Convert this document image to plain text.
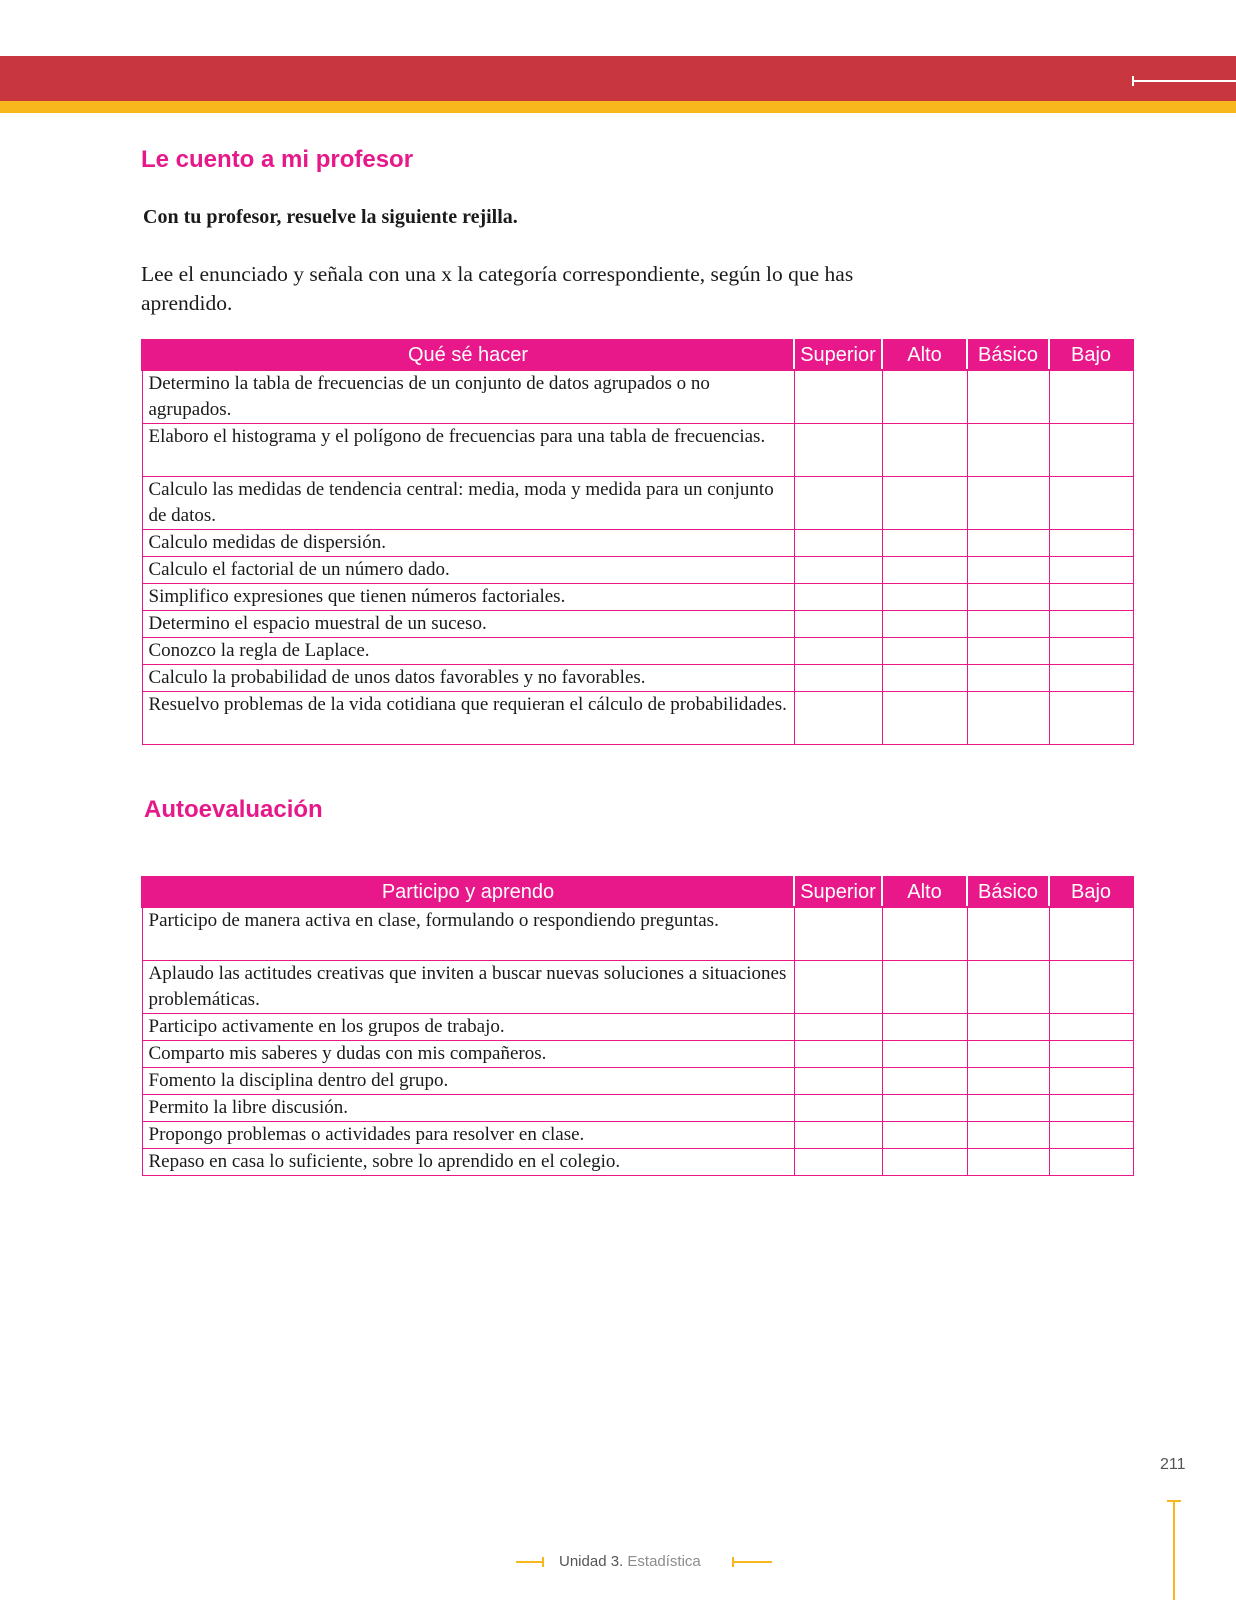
Le cuento a mi profesor

Con tu profesor, resuelve la siguiente rejilla.

Lee el enunciado y señala con una x la categoría correspondiente, según lo que has aprendido.

Qué sé hacer	Superior	Alto	Básico	Bajo
Determino la tabla de frecuencias de un conjunto de datos agrupados o no agrupados.				
Elaboro el histograma y el polígono de frecuencias para una tabla de frecuencias.				
Calculo las medidas de tendencia central: media, moda y medida para un conjunto de datos.				
Calculo medidas de dispersión.				
Calculo el factorial de un número dado.				
Simplifico expresiones que tienen números factoriales.				
Determino el espacio muestral de un suceso.				
Conozco la regla de Laplace.				
Calculo la probabilidad de unos datos favorables y no favorables.				
Resuelvo problemas de la vida cotidiana que requieran el cálculo de probabilidades.				
Autoevaluación
Participo y aprendo	Superior	Alto	Básico	Bajo
Participo de manera activa en clase, formulando o respondiendo preguntas.				
Aplaudo las actitudes creativas que inviten a buscar nuevas soluciones a situaciones problemáticas.				
Participo activamente en los grupos de trabajo.				
Comparto mis saberes y dudas con mis compañeros.				
Fomento la disciplina dentro del grupo.				
Permito la libre discusión.				
Propongo problemas o actividades para resolver en clase.				
Repaso en casa lo suficiente, sobre lo aprendido en el colegio.				
211
Unidad 3. Estadística
